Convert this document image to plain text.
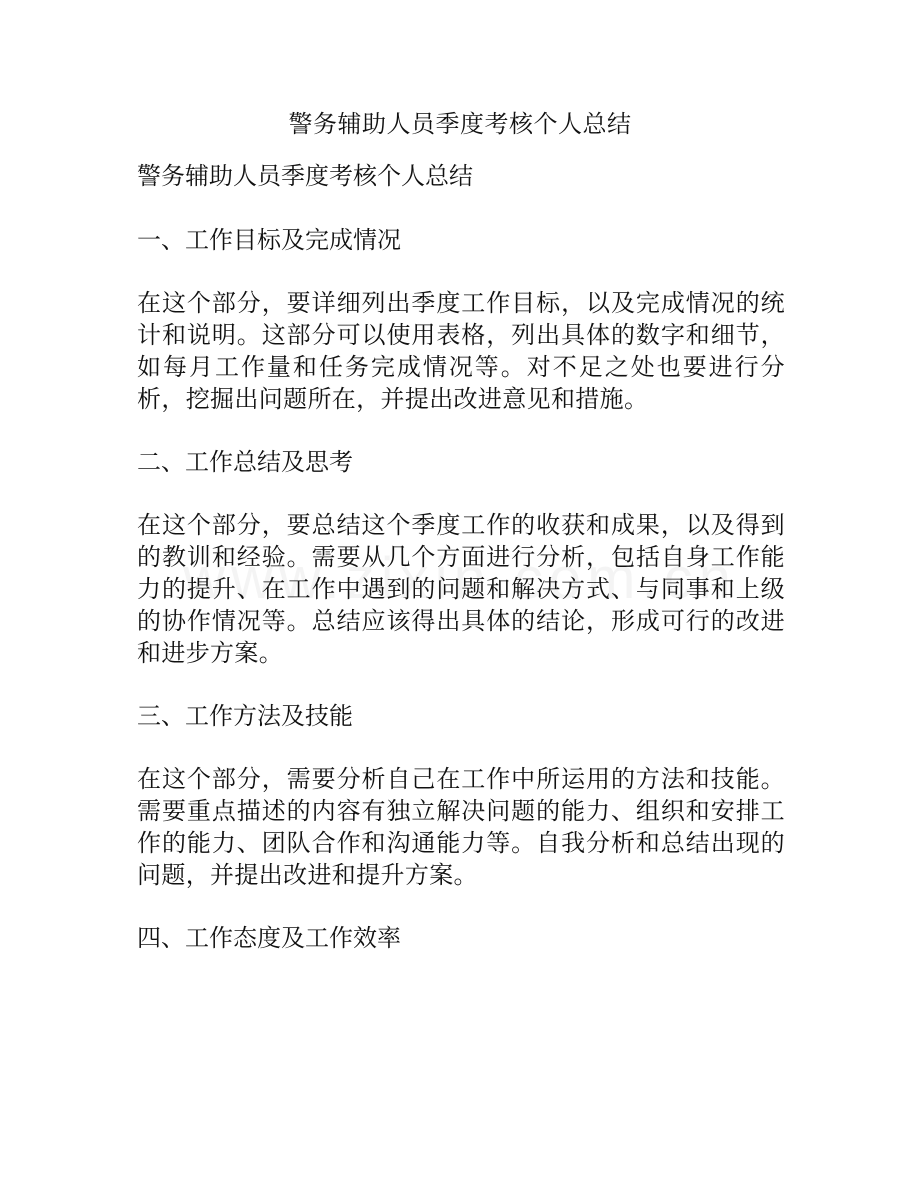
警务辅助人员季度考核个人总结
警务辅助人员季度考核个人总结
一、工作目标及完成情况
在这个部分，要详细列出季度工作目标，以及完成情况的统计和说明。这部分可以使用表格，列出具体的数字和细节，如每月工作量和任务完成情况等。对不足之处也要进行分析，挖掘出问题所在，并提出改进意见和措施。
二、工作总结及思考
在这个部分，要总结这个季度工作的收获和成果，以及得到的教训和经验。需要从几个方面进行分析，包括自身工作能力的提升、在工作中遇到的问题和解决方式、与同事和上级的协作情况等。总结应该得出具体的结论，形成可行的改进和进步方案。
三、工作方法及技能
在这个部分，需要分析自己在工作中所运用的方法和技能。需要重点描述的内容有独立解决问题的能力、组织和安排工作的能力、团队合作和沟通能力等。自我分析和总结出现的问题，并提出改进和提升方案。
四、工作态度及工作效率
